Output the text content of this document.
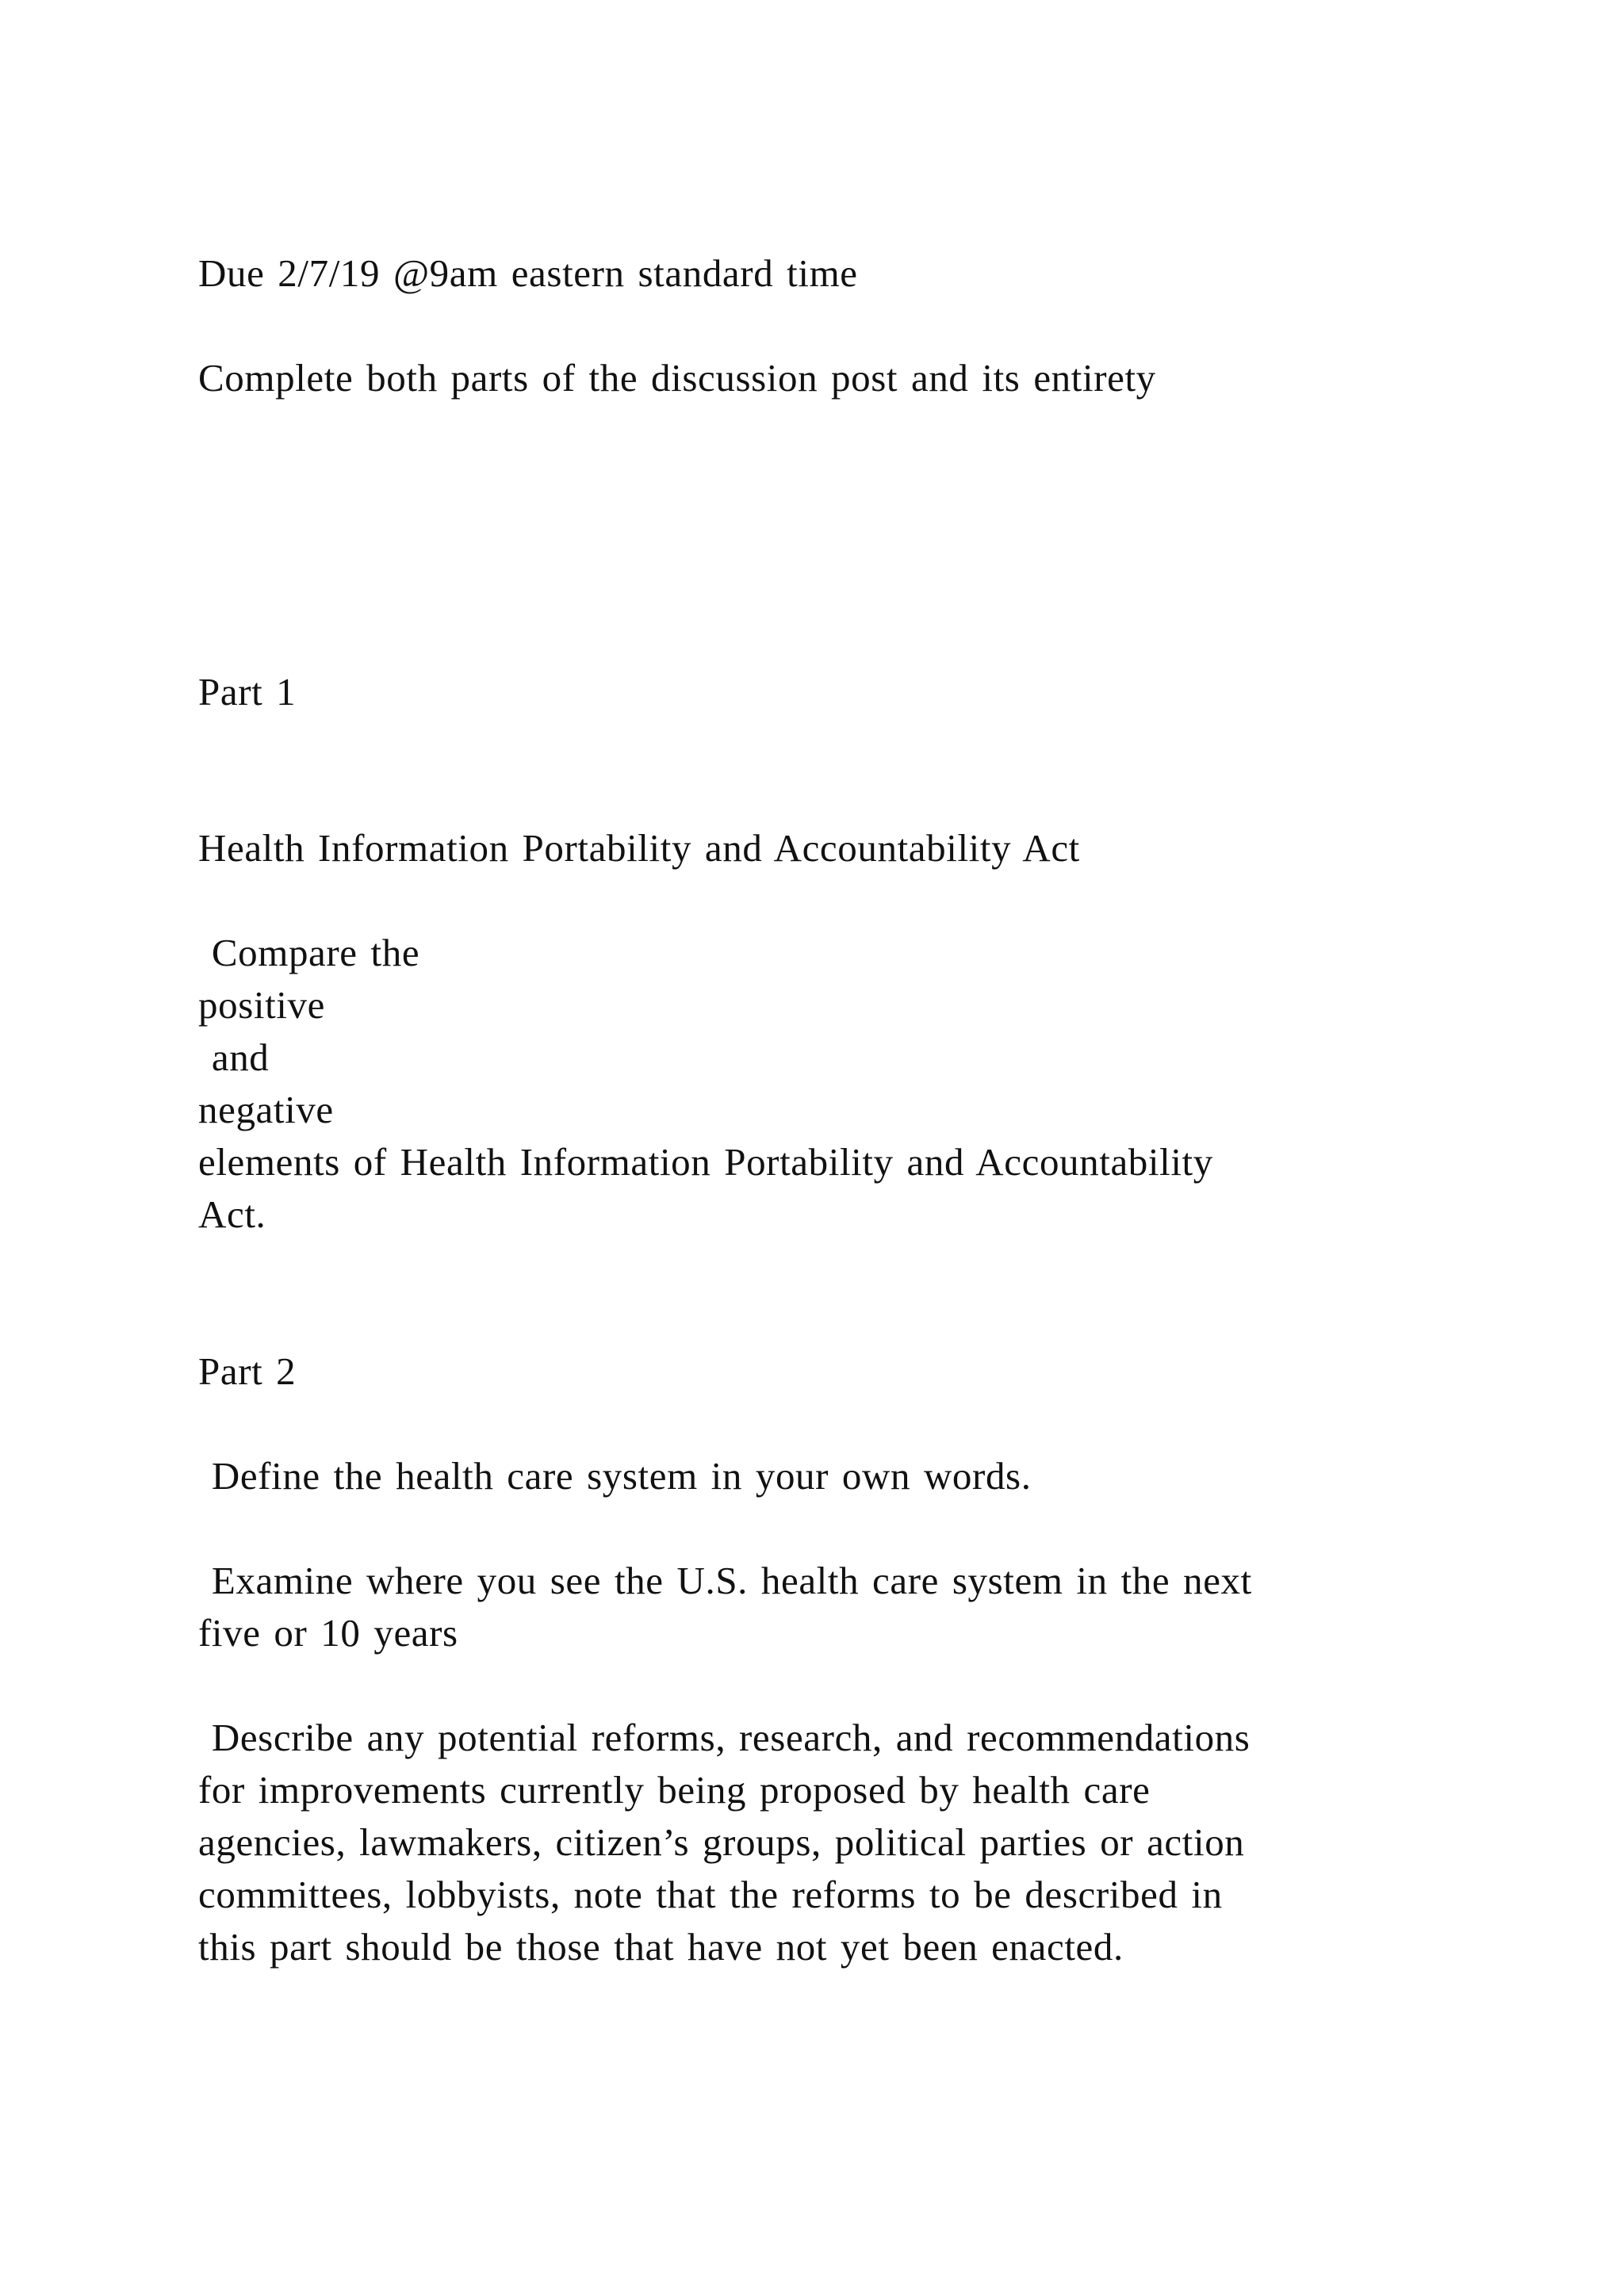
Due 2/7/19 @9am eastern standard time

Complete both parts of the discussion post and its entirety

Part 1

Health Information Portability and Accountability Act

Compare the

positive

and

negative

elements of Health Information Portability and Accountability

Act.

Part 2

Define the health care system in your own words.

Examine where you see the U.S. health care system in the next

five or 10 years

Describe any potential reforms, research, and recommendations

for improvements currently being proposed by health care

agencies, lawmakers, citizen’s groups, political parties or action

committees, lobbyists, note that the reforms to be described in

this part should be those that have not yet been enacted.
